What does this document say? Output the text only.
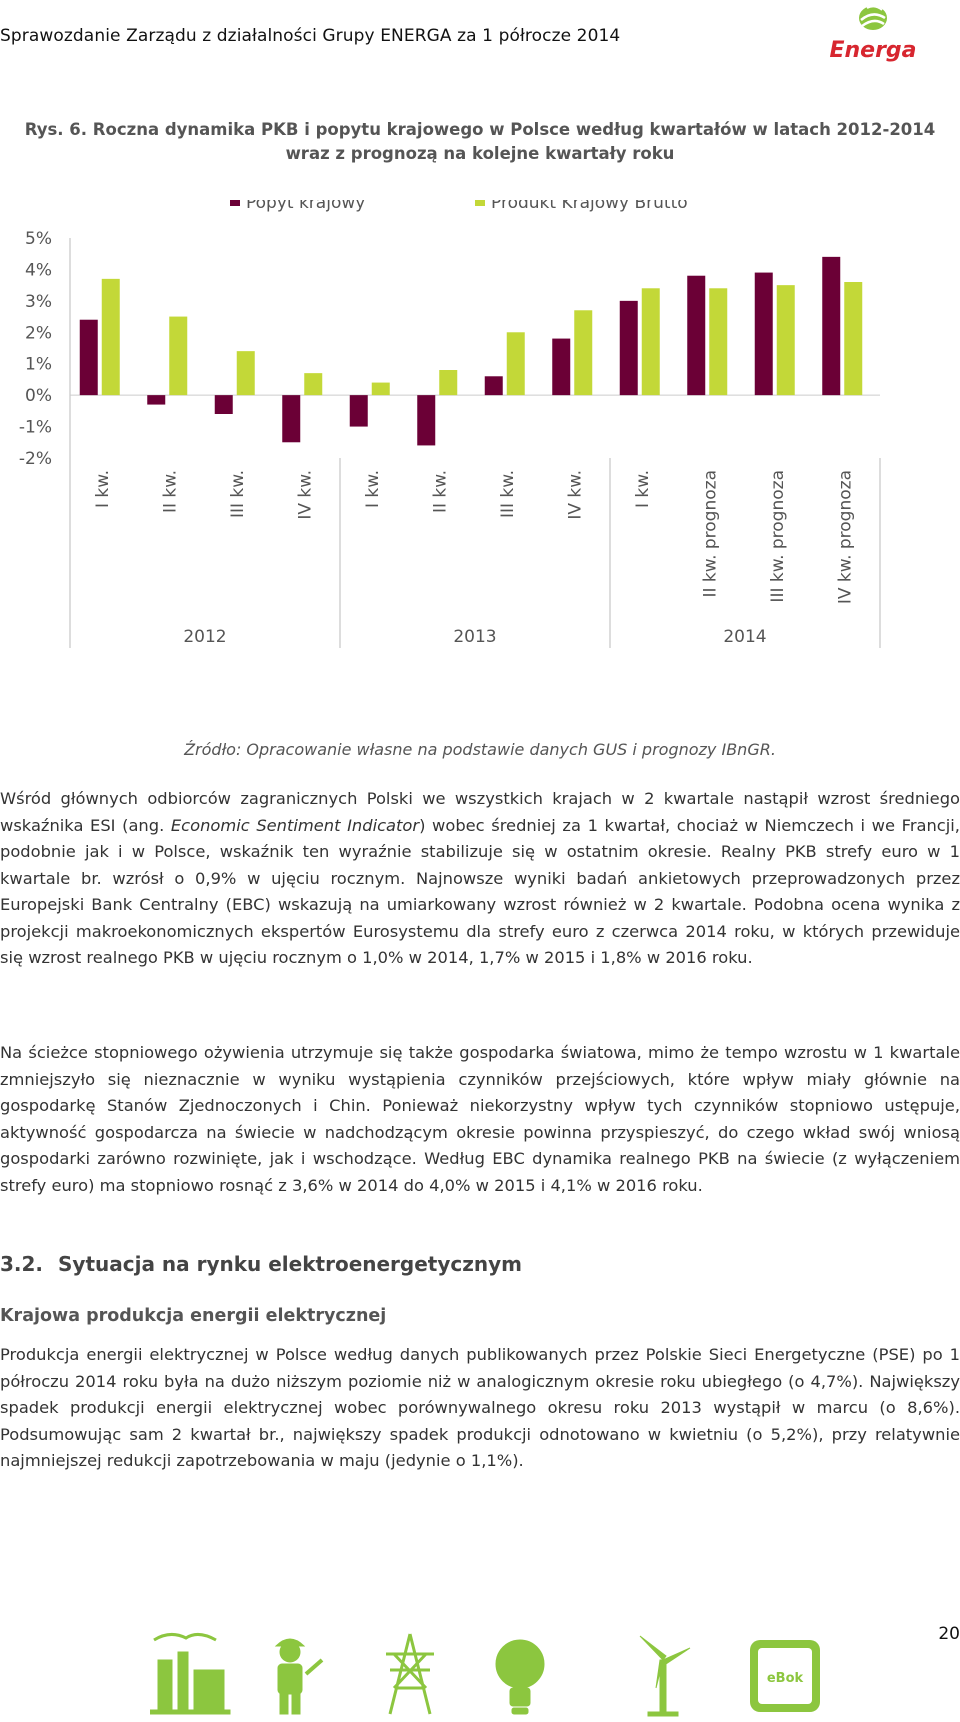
Sprawozdanie Zarządu z działalności Grupy ENERGA za 1 półrocze 2014
Energa
Rys. 6. Roczna dynamika PKB i popytu krajowego w Polsce według kwartałów w latach 2012-2014
wraz z prognozą na kolejne kwartały roku
Popyt krajowy	Produkt Krajowy Brutto
5%
4%
3%
2%
1%
0%
-1%
-2%
I kw.	II kw.	III kw.	IV kw.	I kw.	II kw.	III kw.	IV kw.	I kw.	II kw. prognoza	III kw. prognoza	IV kw. prognoza
2012	2013	2014
Źródło: Opracowanie własne na podstawie danych GUS i prognozy IBnGR.
Wśród głównych odbiorców zagranicznych Polski we wszystkich krajach w 2 kwartale nastąpił wzrost średniego wskaźnika ESI (ang. Economic Sentiment Indicator) wobec średniej za 1 kwartał, chociaż w Niemczech i we Francji, podobnie jak i w Polsce, wskaźnik ten wyraźnie stabilizuje się w ostatnim okresie. Realny PKB strefy euro w 1 kwartale br. wzrósł o 0,9% w ujęciu rocznym. Najnowsze wyniki badań ankietowych przeprowadzonych przez Europejski Bank Centralny (EBC) wskazują na umiarkowany wzrost również w 2 kwartale. Podobna ocena wynika z projekcji makroekonomicznych ekspertów Eurosystemu dla strefy euro z czerwca 2014 roku, w których przewiduje się wzrost realnego PKB w ujęciu rocznym o 1,0% w 2014, 1,7% w 2015 i 1,8% w 2016 roku.
Na ścieżce stopniowego ożywienia utrzymuje się także gospodarka światowa, mimo że tempo wzrostu w 1 kwartale zmniejszyło się nieznacznie w wyniku wystąpienia czynników przejściowych, które wpływ miały głównie na gospodarkę Stanów Zjednoczonych i Chin. Ponieważ niekorzystny wpływ tych czynników stopniowo ustępuje, aktywność gospodarcza na świecie w nadchodzącym okresie powinna przyspieszyć, do czego wkład swój wniosą gospodarki zarówno rozwinięte, jak i wschodzące. Według EBC dynamika realnego PKB na świecie (z wyłączeniem strefy euro) ma stopniowo rosnąć z 3,6% w 2014 do 4,0% w 2015 i 4,1% w 2016 roku.
3.2. Sytuacja na rynku elektroenergetycznym
Krajowa produkcja energii elektrycznej
Produkcja energii elektrycznej w Polsce według danych publikowanych przez Polskie Sieci Energetyczne (PSE) po 1 półroczu 2014 roku była na dużo niższym poziomie niż w analogicznym okresie roku ubiegłego (o 4,7%). Największy spadek produkcji energii elektrycznej wobec porównywalnego okresu roku 2013 wystąpił w marcu (o 8,6%). Podsumowując sam 2 kwartał br., największy spadek produkcji odnotowano w kwietniu (o 5,2%), przy relatywnie najmniejszej redukcji zapotrzebowania w maju (jedynie o 1,1%).
eBok
20
